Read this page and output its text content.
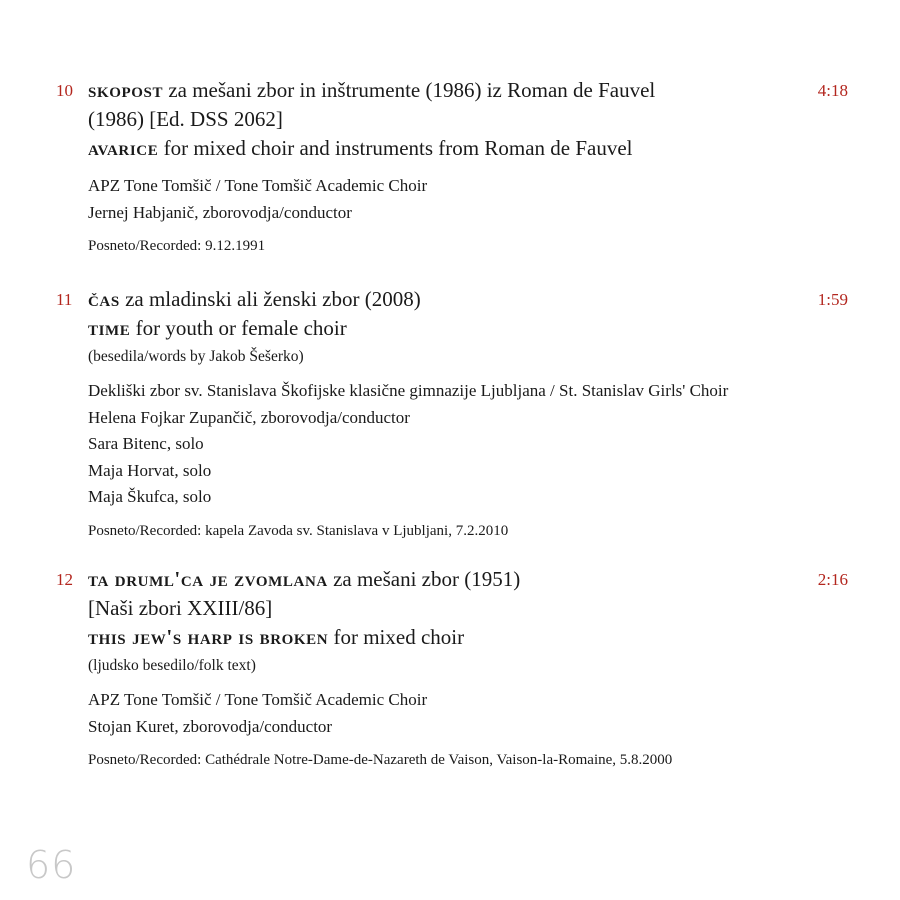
10	4:18

skopost za mešani zbor in inštrumente (1986) iz Roman de Fauvel

(1986) [Ed. DSS 2062]

avarice for mixed choir and instruments from Roman de Fauvel

APZ Tone Tomšič / Tone Tomšič Academic Choir
Jernej Habjanič, zborovodja/conductor
Posneto/Recorded: 9.12.1991
11	1:59

čas za mladinski ali ženski zbor (2008)

time for youth or female choir

(besedila/words by Jakob Šešerko)

Dekliški zbor sv. Stanislava Škofijske klasične gimnazije Ljubljana / St. Stanislav Girls' Choir
Helena Fojkar Zupančič, zborovodja/conductor
Sara Bitenc, solo
Maja Horvat, solo
Maja Škufca, solo
Posneto/Recorded: kapela Zavoda sv. Stanislava v Ljubljani, 7.2.2010
12	2:16

ta druml'ca je zvomlana za mešani zbor (1951)

[Naši zbori XXIII/86]

this jew's harp is broken for mixed choir

(ljudsko besedilo/folk text)

APZ Tone Tomšič / Tone Tomšič Academic Choir
Stojan Kuret, zborovodja/conductor
Posneto/Recorded: Cathédrale Notre-Dame-de-Nazareth de Vaison, Vaison-la-Romaine, 5.8.2000
66
